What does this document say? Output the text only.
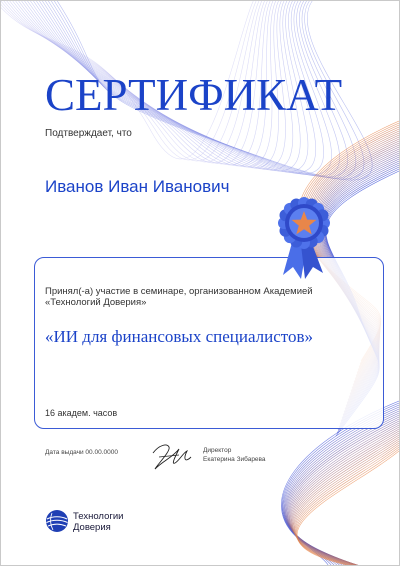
СЕРТИФИКАТ
Подтверждает, что
Иванов Иван Иванович
Принял(-а) участие в семинаре, организованном Академией «Технологий Доверия»
«ИИ для финансовых специалистов»
16 академ. часов
Дата выдачи 00.00.0000	Директор
Екатерина Зибарева
Технологии
Доверия
